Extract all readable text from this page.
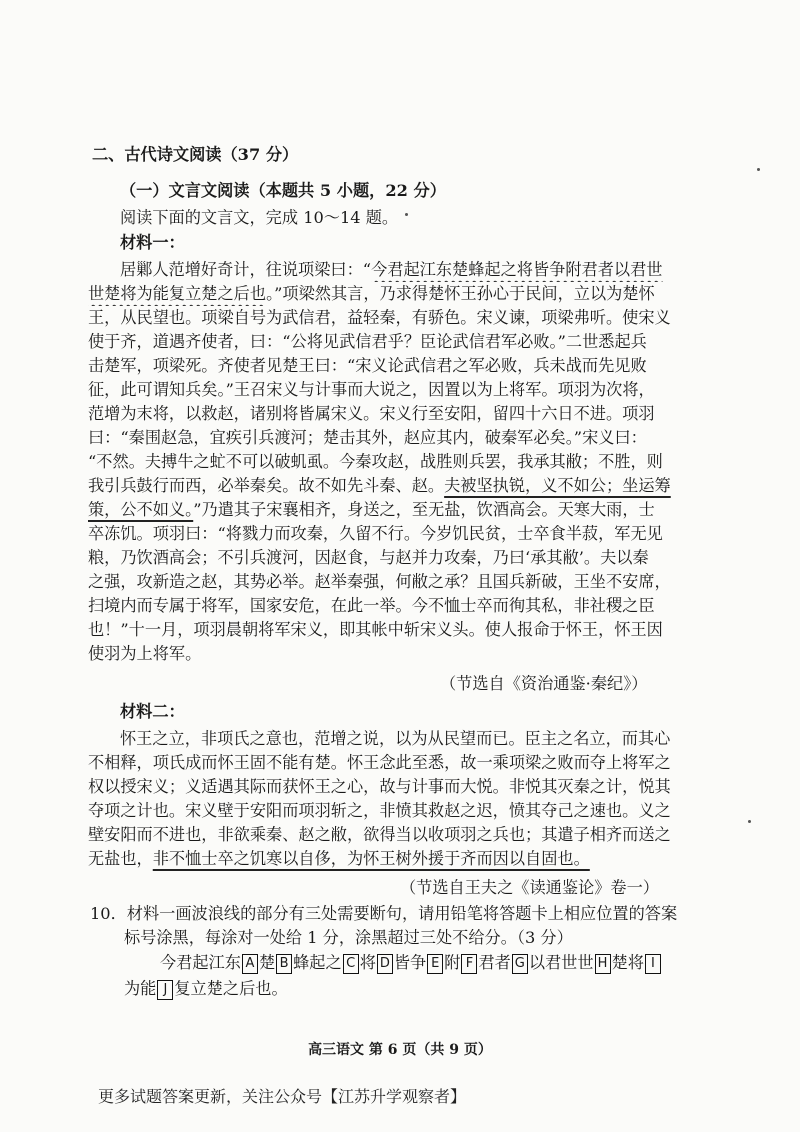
二、古代诗文阅读（37 分）
（一）文言文阅读（本题共 5 小题，22 分）
阅读下面的文言文，完成 10～14 题。
材料一：
居鄛人范增好奇计，往说项梁曰：“今君起江东楚蜂起之将皆争附君者以君世
世楚将为能复立楚之后也。”项梁然其言，乃求得楚怀王孙心于民间，立以为楚怀
王，从民望也。项梁自号为武信君，益轻秦，有骄色。宋义谏，项梁弗听。使宋义
使于齐，道遇齐使者，曰：“公将见武信君乎？臣论武信君军必败。”二世悉起兵
击楚军，项梁死。齐使者见楚王曰：“宋义论武信君之军必败，兵未战而先见败
征，此可谓知兵矣。”王召宋义与计事而大说之，因置以为上将军。项羽为次将，
范增为末将，以救赵，诸别将皆属宋义。宋义行至安阳，留四十六日不进。项羽
曰：“秦围赵急，宜疾引兵渡河；楚击其外，赵应其内，破秦军必矣。”宋义曰：
“不然。夫搏牛之虻不可以破虮虱。今秦攻赵，战胜则兵罢，我承其敝；不胜，则
我引兵鼓行而西，必举秦矣。故不如先斗秦、赵。夫被坚执锐，义不如公；坐运筹
策，公不如义。”乃遣其子宋襄相齐，身送之，至无盐，饮酒高会。天寒大雨，士
卒冻饥。项羽曰：“将戮力而攻秦，久留不行。今岁饥民贫，士卒食半菽，军无见
粮，乃饮酒高会；不引兵渡河，因赵食，与赵并力攻秦，乃曰‘承其敝’。夫以秦
之强，攻新造之赵，其势必举。赵举秦强，何敝之承？且国兵新破，王坐不安席，
扫境内而专属于将军，国家安危，在此一举。今不恤士卒而徇其私，非社稷之臣
也！”十一月，项羽晨朝将军宋义，即其帐中斩宋义头。使人报命于怀王，怀王因
使羽为上将军。
（节选自《资治通鉴·秦纪》）
材料二：
怀王之立，非项氏之意也，范增之说，以为从民望而已。臣主之名立，而其心
不相释，项氏成而怀王固不能有楚。怀王念此至悉，故一乘项梁之败而夺上将军之
权以授宋义；义适遇其际而获怀王之心，故与计事而大悦。非悦其灭秦之计，悦其
夺项之计也。宋义壁于安阳而项羽斩之，非愤其救赵之迟，愤其夺己之速也。义之
壁安阳而不进也，非欲乘秦、赵之敝，欲得当以收项羽之兵也；其遣子相齐而送之
无盐也，非不恤士卒之饥寒以自侈，为怀王树外援于齐而因以自固也。
（节选自王夫之《读通鉴论》卷一）
10．材料一画波浪线的部分有三处需要断句，请用铅笔将答题卡上相应位置的答案
标号涂黑，每涂对一处给 1 分，涂黑超过三处不给分。（3 分）
今君起江东 A 楚 B 蜂起之 C 将 D 皆争 E 附 F 君者 G 以君世世 H 楚将 I
为能 J 复立楚之后也。
高三语文 第 6 页（共 9 页）
更多试题答案更新，关注公众号【江苏升学观察者】
